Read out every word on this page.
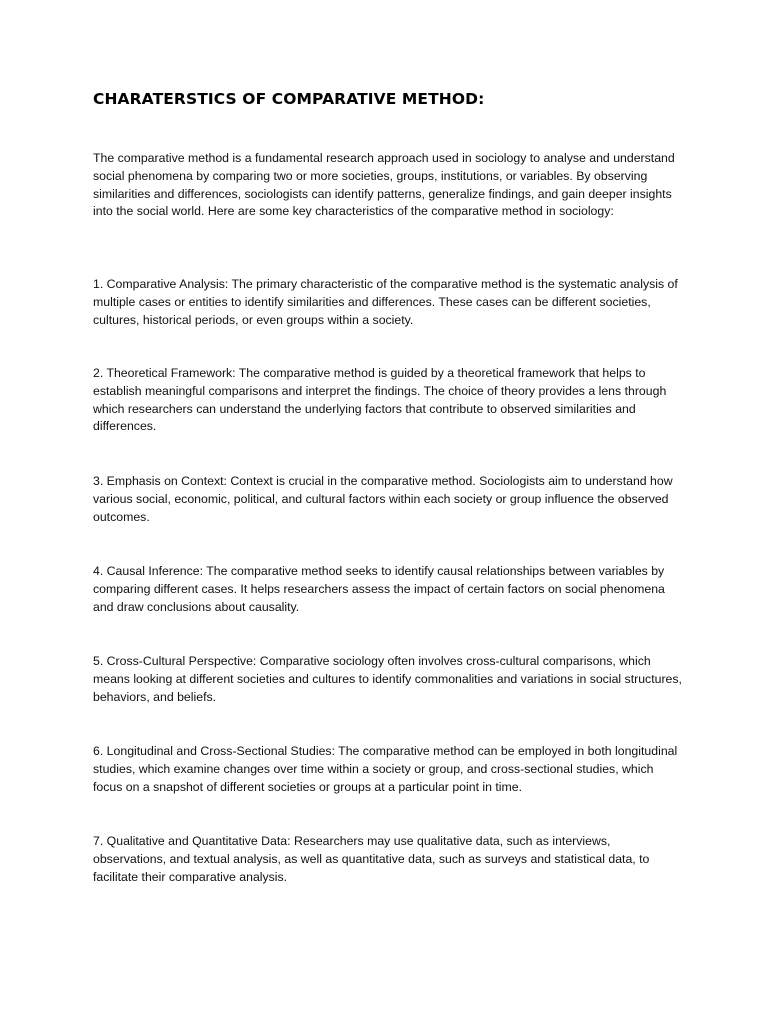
CHARATERSTICS OF COMPARATIVE METHOD:

The comparative method is a fundamental research approach used in sociology to analyse and understand social phenomena by comparing two or more societies, groups, institutions, or variables. By observing similarities and differences, sociologists can identify patterns, generalize findings, and gain deeper insights into the social world. Here are some key characteristics of the comparative method in sociology:

1. Comparative Analysis: The primary characteristic of the comparative method is the systematic analysis of multiple cases or entities to identify similarities and differences. These cases can be different societies, cultures, historical periods, or even groups within a society.

2. Theoretical Framework: The comparative method is guided by a theoretical framework that helps to establish meaningful comparisons and interpret the findings. The choice of theory provides a lens through which researchers can understand the underlying factors that contribute to observed similarities and differences.

3. Emphasis on Context: Context is crucial in the comparative method. Sociologists aim to understand how various social, economic, political, and cultural factors within each society or group influence the observed outcomes.

4. Causal Inference: The comparative method seeks to identify causal relationships between variables by comparing different cases. It helps researchers assess the impact of certain factors on social phenomena and draw conclusions about causality.

5. Cross-Cultural Perspective: Comparative sociology often involves cross-cultural comparisons, which means looking at different societies and cultures to identify commonalities and variations in social structures, behaviors, and beliefs.

6. Longitudinal and Cross-Sectional Studies: The comparative method can be employed in both longitudinal studies, which examine changes over time within a society or group, and cross-sectional studies, which focus on a snapshot of different societies or groups at a particular point in time.

7. Qualitative and Quantitative Data: Researchers may use qualitative data, such as interviews, observations, and textual analysis, as well as quantitative data, such as surveys and statistical data, to facilitate their comparative analysis.
